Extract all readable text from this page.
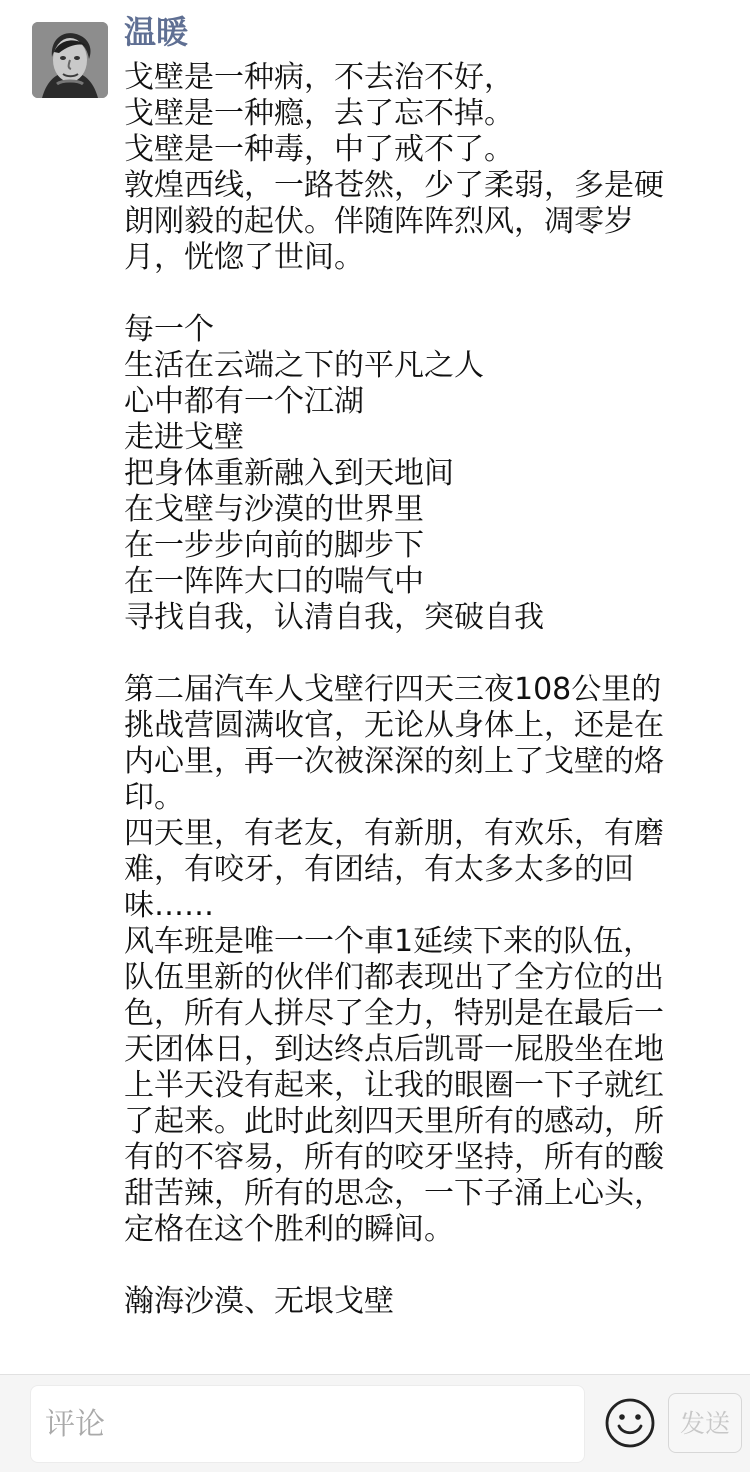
温暖
戈壁是一种病，不去治不好，
戈壁是一种瘾，去了忘不掉。
戈壁是一种毒，中了戒不了。
敦煌西线，一路苍然，少了柔弱，多是硬
朗刚毅的起伏。伴随阵阵烈风，凋零岁
月，恍惚了世间。
每一个
生活在云端之下的平凡之人
心中都有一个江湖
走进戈壁
把身体重新融入到天地间
在戈壁与沙漠的世界里
在一步步向前的脚步下
在一阵阵大口的喘气中
寻找自我，认清自我，突破自我
第二届汽车人戈壁行四天三夜108公里的
挑战营圆满收官，无论从身体上，还是在
内心里，再一次被深深的刻上了戈壁的烙
印。
四天里，有老友，有新朋，有欢乐，有磨
难，有咬牙，有团结，有太多太多的回
味……
风车班是唯一一个車1延续下来的队伍，
队伍里新的伙伴们都表现出了全方位的出
色，所有人拼尽了全力，特别是在最后一
天团体日，到达终点后凯哥一屁股坐在地
上半天没有起来，让我的眼圈一下子就红
了起来。此时此刻四天里所有的感动，所
有的不容易，所有的咬牙坚持，所有的酸
甜苦辣，所有的思念，一下子涌上心头，
定格在这个胜利的瞬间。
瀚海沙漠、无垠戈壁
评论
发送
